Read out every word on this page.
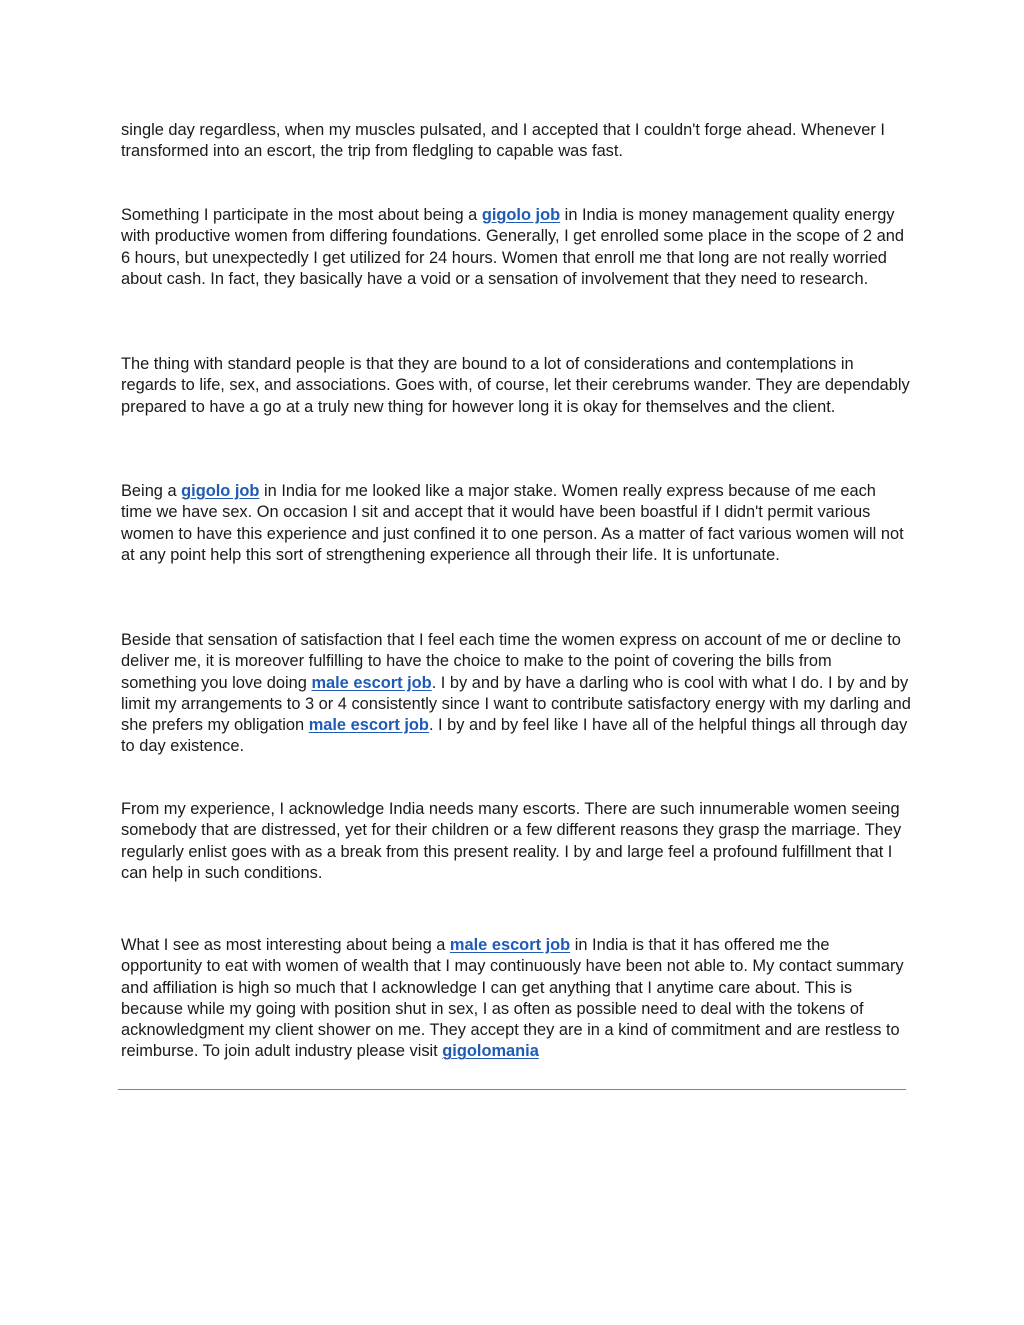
single day regardless, when my muscles pulsated, and I accepted that I couldn't forge ahead. Whenever I transformed into an escort, the trip from fledgling to capable was fast.

Something I participate in the most about being a gigolo job in India is money management quality energy with productive women from differing foundations. Generally, I get enrolled some place in the scope of 2 and 6 hours, but unexpectedly I get utilized for 24 hours. Women that enroll me that long are not really worried about cash. In fact, they basically have a void or a sensation of involvement that they need to research.

The thing with standard people is that they are bound to a lot of considerations and contemplations in regards to life, sex, and associations. Goes with, of course, let their cerebrums wander. They are dependably prepared to have a go at a truly new thing for however long it is okay for themselves and the client.

Being a gigolo job in India for me looked like a major stake. Women really express because of me each time we have sex. On occasion I sit and accept that it would have been boastful if I didn't permit various women to have this experience and just confined it to one person. As a matter of fact various women will not at any point help this sort of strengthening experience all through their life. It is unfortunate.

Beside that sensation of satisfaction that I feel each time the women express on account of me or decline to deliver me, it is moreover fulfilling to have the choice to make to the point of covering the bills from something you love doing male escort job. I by and by have a darling who is cool with what I do. I by and by limit my arrangements to 3 or 4 consistently since I want to contribute satisfactory energy with my darling and she prefers my obligation male escort job. I by and by feel like I have all of the helpful things all through day to day existence.

From my experience, I acknowledge India needs many escorts. There are such innumerable women seeing somebody that are distressed, yet for their children or a few different reasons they grasp the marriage. They regularly enlist goes with as a break from this present reality. I by and large feel a profound fulfillment that I can help in such conditions.

What I see as most interesting about being a male escort job in India is that it has offered me the opportunity to eat with women of wealth that I may continuously have been not able to. My contact summary and affiliation is high so much that I acknowledge I can get anything that I anytime care about. This is because while my going with position shut in sex, I as often as possible need to deal with the tokens of acknowledgment my client shower on me. They accept they are in a kind of commitment and are restless to reimburse. To join adult industry please visit gigolomania
